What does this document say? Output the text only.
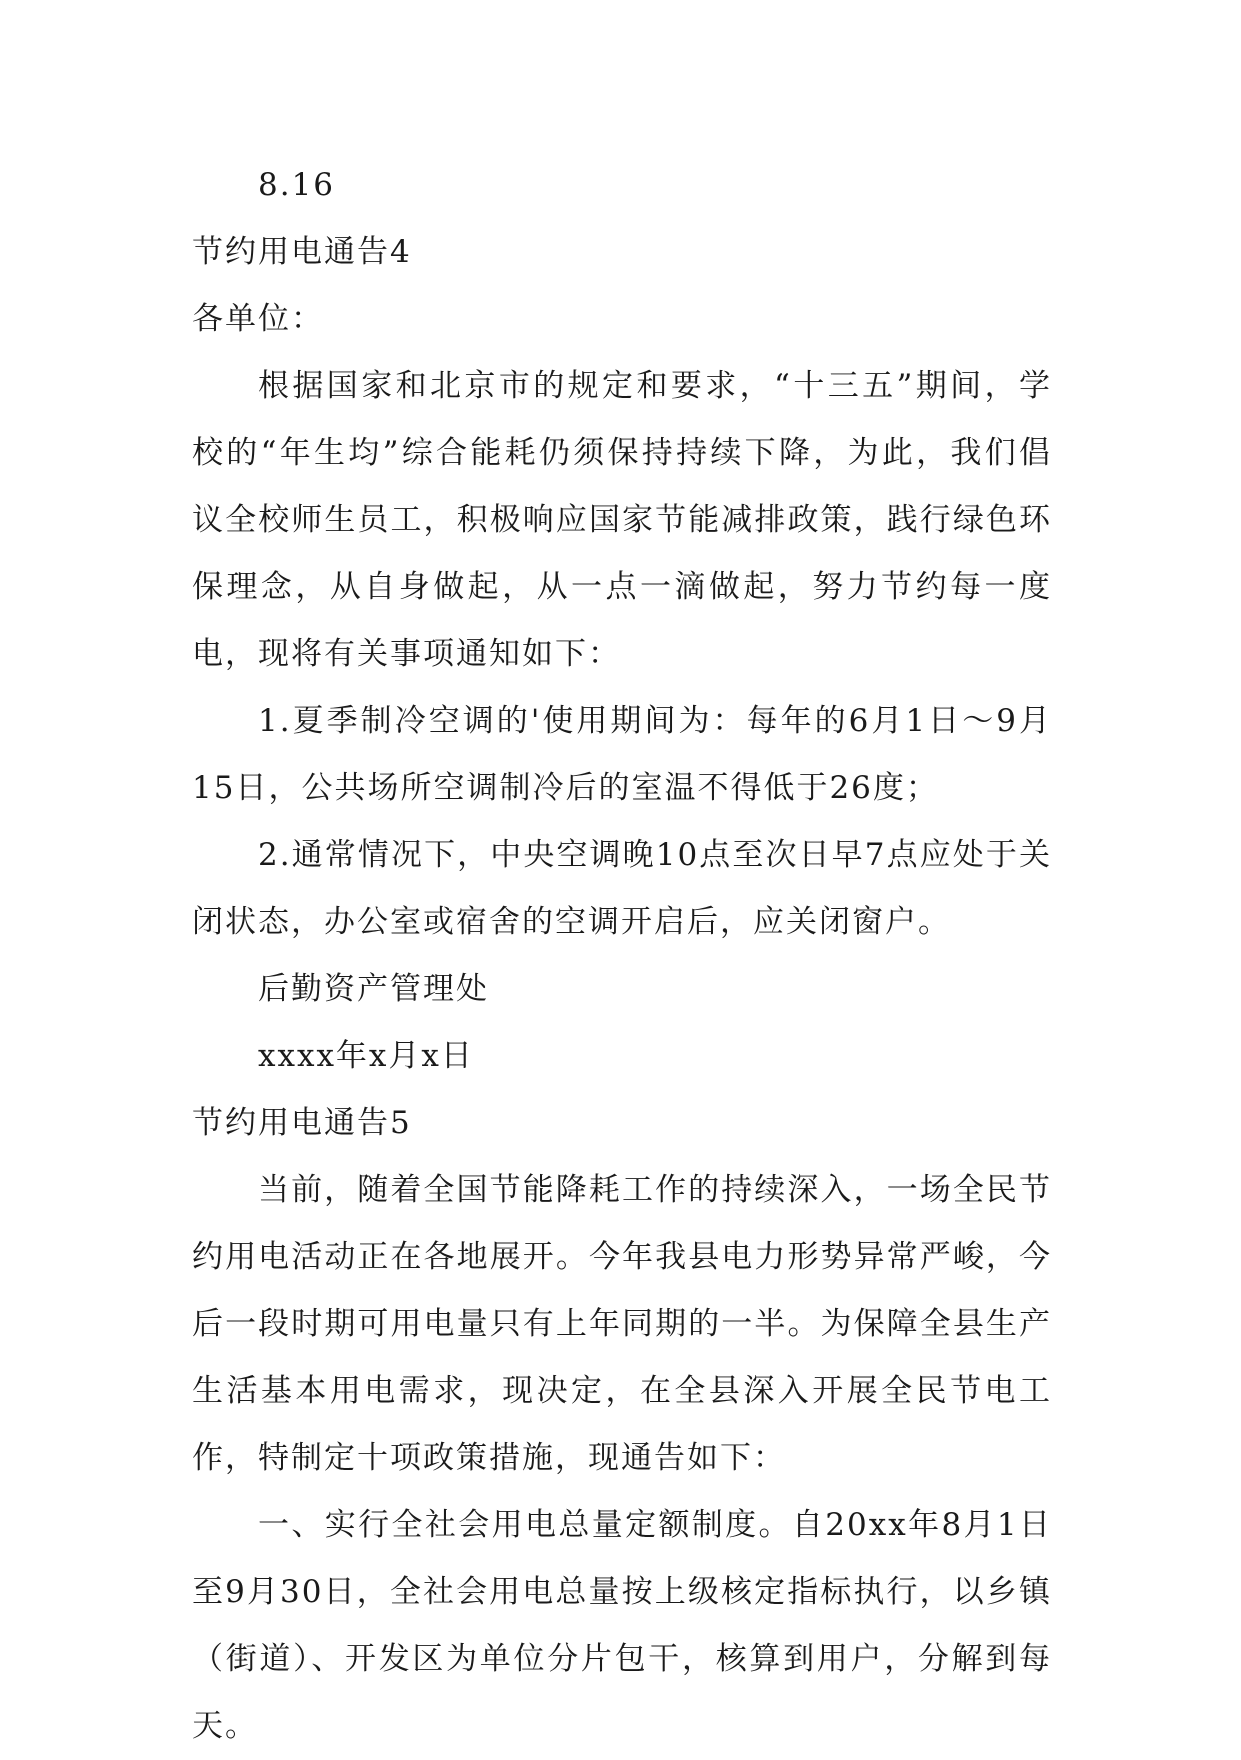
8.16

节约用电通告4

各单位：

根据国家和北京市的规定和要求，“十三五”期间，学校的“年生均”综合能耗仍须保持持续下降，为此，我们倡议全校师生员工，积极响应国家节能减排政策，践行绿色环保理念，从自身做起，从一点一滴做起，努力节约每一度电，现将有关事项通知如下：

1.夏季制冷空调的'使用期间为：每年的6月1日～9月15日，公共场所空调制冷后的室温不得低于26度；

2.通常情况下，中央空调晚10点至次日早7点应处于关闭状态，办公室或宿舍的空调开启后，应关闭窗户。

后勤资产管理处

xxxx年x月x日

节约用电通告5

当前，随着全国节能降耗工作的持续深入，一场全民节约用电活动正在各地展开。今年我县电力形势异常严峻，今后一段时期可用电量只有上年同期的一半。为保障全县生产生活基本用电需求，现决定，在全县深入开展全民节电工作，特制定十项政策措施，现通告如下：

一、实行全社会用电总量定额制度。自20xx年8月1日至9月30日，全社会用电总量按上级核定指标执行，以乡镇（街道）、开发区为单位分片包干，核算到用户，分解到每天。
